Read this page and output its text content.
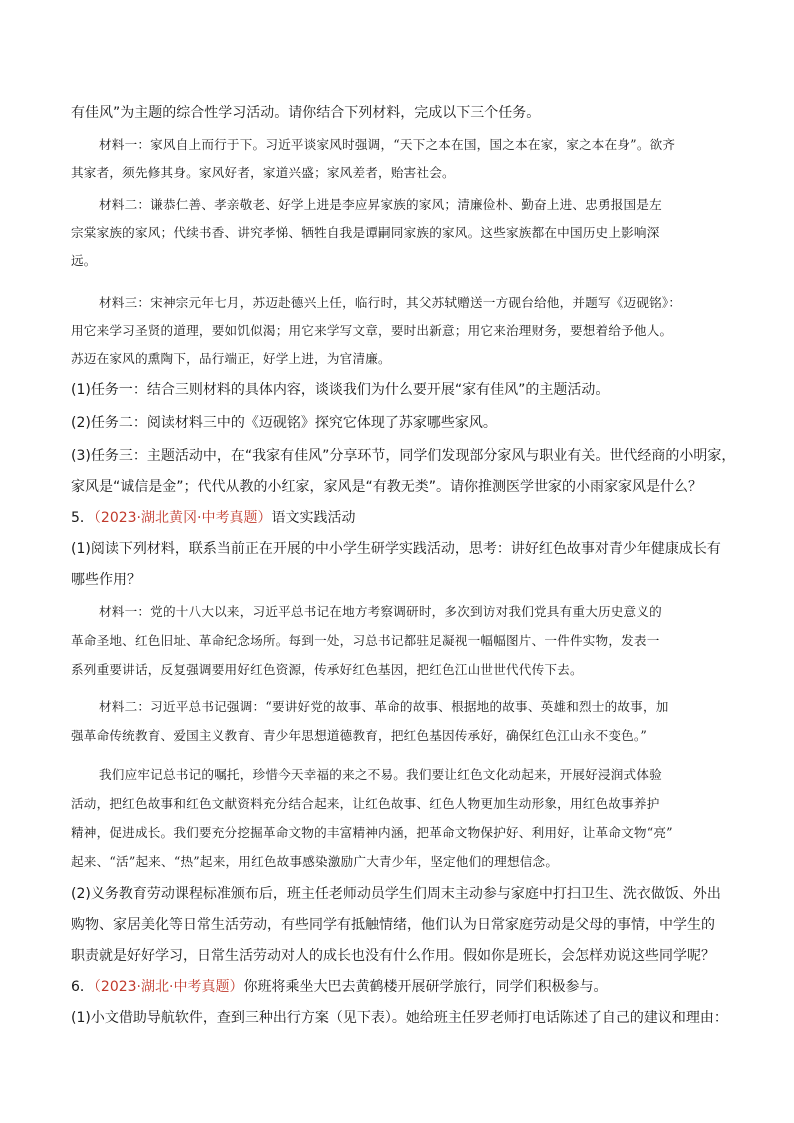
有佳风”为主题的综合性学习活动。请你结合下列材料，完成以下三个任务。
材料一：家风自上而行于下。习近平谈家风时强调，“天下之本在国，国之本在家，家之本在身”。欲齐
其家者，须先修其身。家风好者，家道兴盛；家风差者，贻害社会。
材料二：谦恭仁善、孝亲敬老、好学上进是李应昇家族的家风；清廉俭朴、勤奋上进、忠勇报国是左
宗棠家族的家风；代续书香、讲究孝悌、牺牲自我是谭嗣同家族的家风。这些家族都在中国历史上影响深
远。
材料三：宋神宗元年七月，苏迈赴德兴上任，临行时，其父苏轼赠送一方砚台给他，并题写《迈砚铭》：
用它来学习圣贤的道理，要如饥似渴；用它来学写文章，要时出新意；用它来治理财务，要想着给予他人。
苏迈在家风的熏陶下，品行端正，好学上进，为官清廉。
(1)任务一：结合三则材料的具体内容，谈谈我们为什么要开展“家有佳风”的主题活动。
(2)任务二：阅读材料三中的《迈砚铭》探究它体现了苏家哪些家风。
(3)任务三：主题活动中，在“我家有佳风”分享环节，同学们发现部分家风与职业有关。世代经商的小明家，
家风是“诚信是金”；代代从教的小红家，家风是“有教无类”。请你推测医学世家的小雨家家风是什么？
5．（2023·湖北黄冈·中考真题）语文实践活动
(1)阅读下列材料，联系当前正在开展的中小学生研学实践活动，思考：讲好红色故事对青少年健康成长有
哪些作用？
材料一：党的十八大以来，习近平总书记在地方考察调研时，多次到访对我们党具有重大历史意义的
革命圣地、红色旧址、革命纪念场所。每到一处，习总书记都驻足凝视一幅幅图片、一件件实物，发表一
系列重要讲话，反复强调要用好红色资源，传承好红色基因，把红色江山世世代代传下去。
材料二：习近平总书记强调：“要讲好党的故事、革命的故事、根据地的故事、英雄和烈士的故事，加
强革命传统教育、爱国主义教育、青少年思想道德教育，把红色基因传承好，确保红色江山永不变色。”
我们应牢记总书记的嘱托，珍惜今天幸福的来之不易。我们要让红色文化动起来，开展好浸润式体验
活动，把红色故事和红色文献资料充分结合起来，让红色故事、红色人物更加生动形象，用红色故事养护
精神，促进成长。我们要充分挖掘革命文物的丰富精神内涵，把革命文物保护好、利用好，让革命文物“亮”
起来、“活”起来、“热”起来，用红色故事感染激励广大青少年，坚定他们的理想信念。
(2)义务教育劳动课程标准颁布后，班主任老师动员学生们周末主动参与家庭中打扫卫生、洗衣做饭、外出
购物、家居美化等日常生活劳动，有些同学有抵触情绪，他们认为日常家庭劳动是父母的事情，中学生的
职责就是好好学习，日常生活劳动对人的成长也没有什么作用。假如你是班长，会怎样劝说这些同学呢？
6．（2023·湖北·中考真题）你班将乘坐大巴去黄鹤楼开展研学旅行，同学们积极参与。
(1)小文借助导航软件，查到三种出行方案（见下表）。她给班主任罗老师打电话陈述了自己的建议和理由：
